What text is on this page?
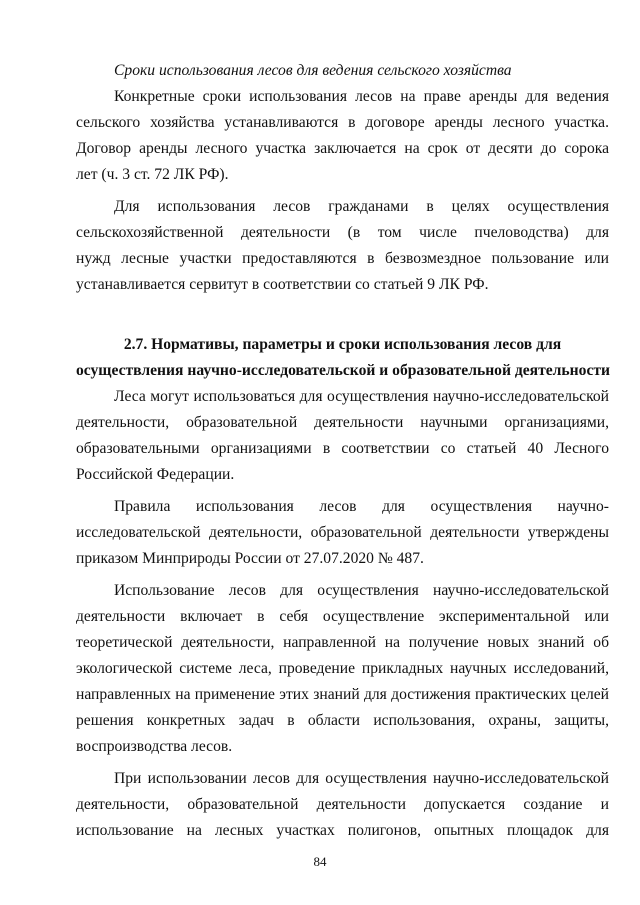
Сроки использования лесов для ведения сельского хозяйства
Конкретные сроки использования лесов на праве аренды для ведения
сельского хозяйства устанавливаются в договоре аренды лесного участка.
Договор аренды лесного участка заключается на срок от десяти до сорока
лет (ч. 3 ст. 72 ЛК РФ).
Для использования лесов гражданами в целях осуществления
сельскохозяйственной деятельности (в том числе пчеловодства) для
нужд лесные участки предоставляются в безвозмездное пользование или
устанавливается сервитут в соответствии со статьей 9 ЛК РФ.
2.7. Нормативы, параметры и сроки использования лесов для
осуществления научно-исследовательской и образовательной деятельности
Леса могут использоваться для осуществления научно-исследовательской
деятельности, образовательной деятельности научными организациями,
образовательными организациями в соответствии со статьей 40 Лесного
Российской Федерации.
Правила использования лесов для осуществления научно-
исследовательской деятельности, образовательной деятельности утверждены
приказом Минприроды России от 27.07.2020 № 487.
Использование лесов для осуществления научно-исследовательской
деятельности включает в себя осуществление экспериментальной или
теоретической деятельности, направленной на получение новых знаний об
экологической системе леса, проведение прикладных научных исследований,
направленных на применение этих знаний для достижения практических целей
решения конкретных задач в области использования, охраны, защиты,
воспроизводства лесов.
При использовании лесов для осуществления научно-исследовательской
деятельности, образовательной деятельности допускается создание и
использование на лесных участках полигонов, опытных площадок для
84
